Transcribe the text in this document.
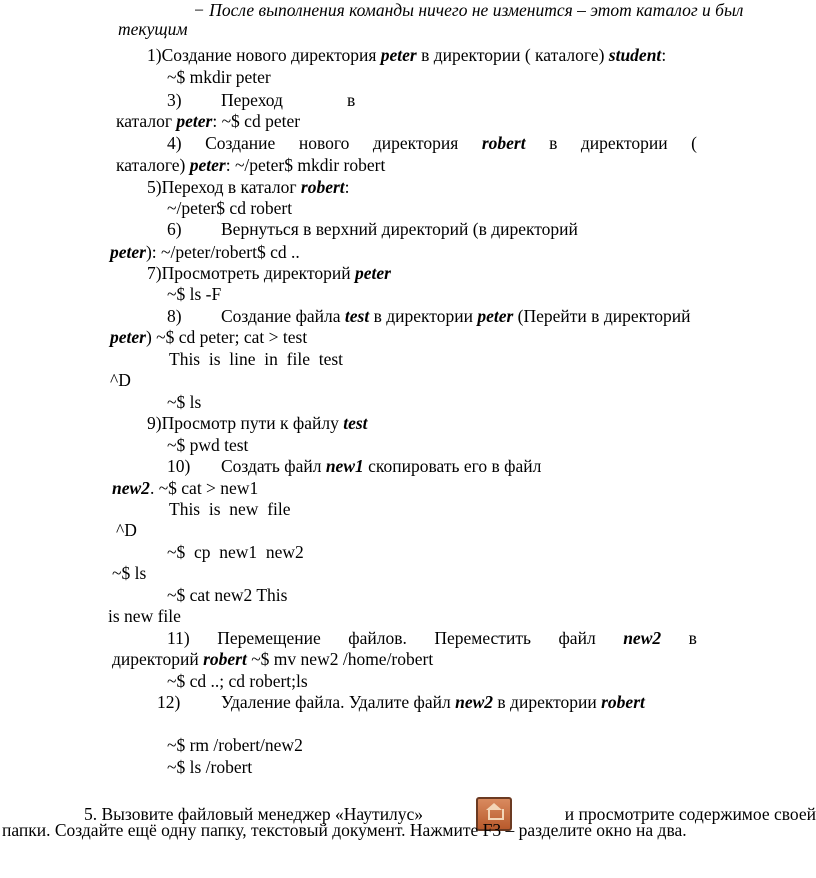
− После выполнения команды ничего не изменится – этот каталог и был
текущим
1)Создание нового директория peter в директории ( каталоге) student:
~$ mkdir peter
3) Переход	в
каталог peter: ~$ cd peter
4) Создание нового директория robert в директории (
каталоге) peter: ~/peter$ mkdir robert
5)Переход в каталог robert:
~/peter$ cd robert
6) Вернуться в верхний директорий (в директорий
peter): ~/peter/robert$ cd ..
7)Просмотреть директорий peter
~$ ls -F
8) Создание файла test в директории peter (Перейти в директорий
peter) ~$ cd peter; cat > test
This  is  line  in  file  test
^D
~$ ls
9)Просмотр пути к файлу test
~$ pwd test
10) Создать файл new1 скопировать его в файл
new2. ~$ cat > new1
This  is  new  file
^D
~$  cp  new1  new2
~$ ls
~$ cat new2 This
is new file
11) Перемещение файлов. Переместить файл new2 в
директорий robert ~$ mv new2 /home/robert
~$ cd ..; cd robert;ls
12) Удаление файла. Удалите файл new2 в директории robert
~$ rm /robert/new2
~$ ls /robert
5. Вызовите файловый менеджер «Наутилус»	и просмотрите содержимое своей
папки. Создайте ещё одну папку, текстовый документ. Нажмите F3 – разделите окно на два.
